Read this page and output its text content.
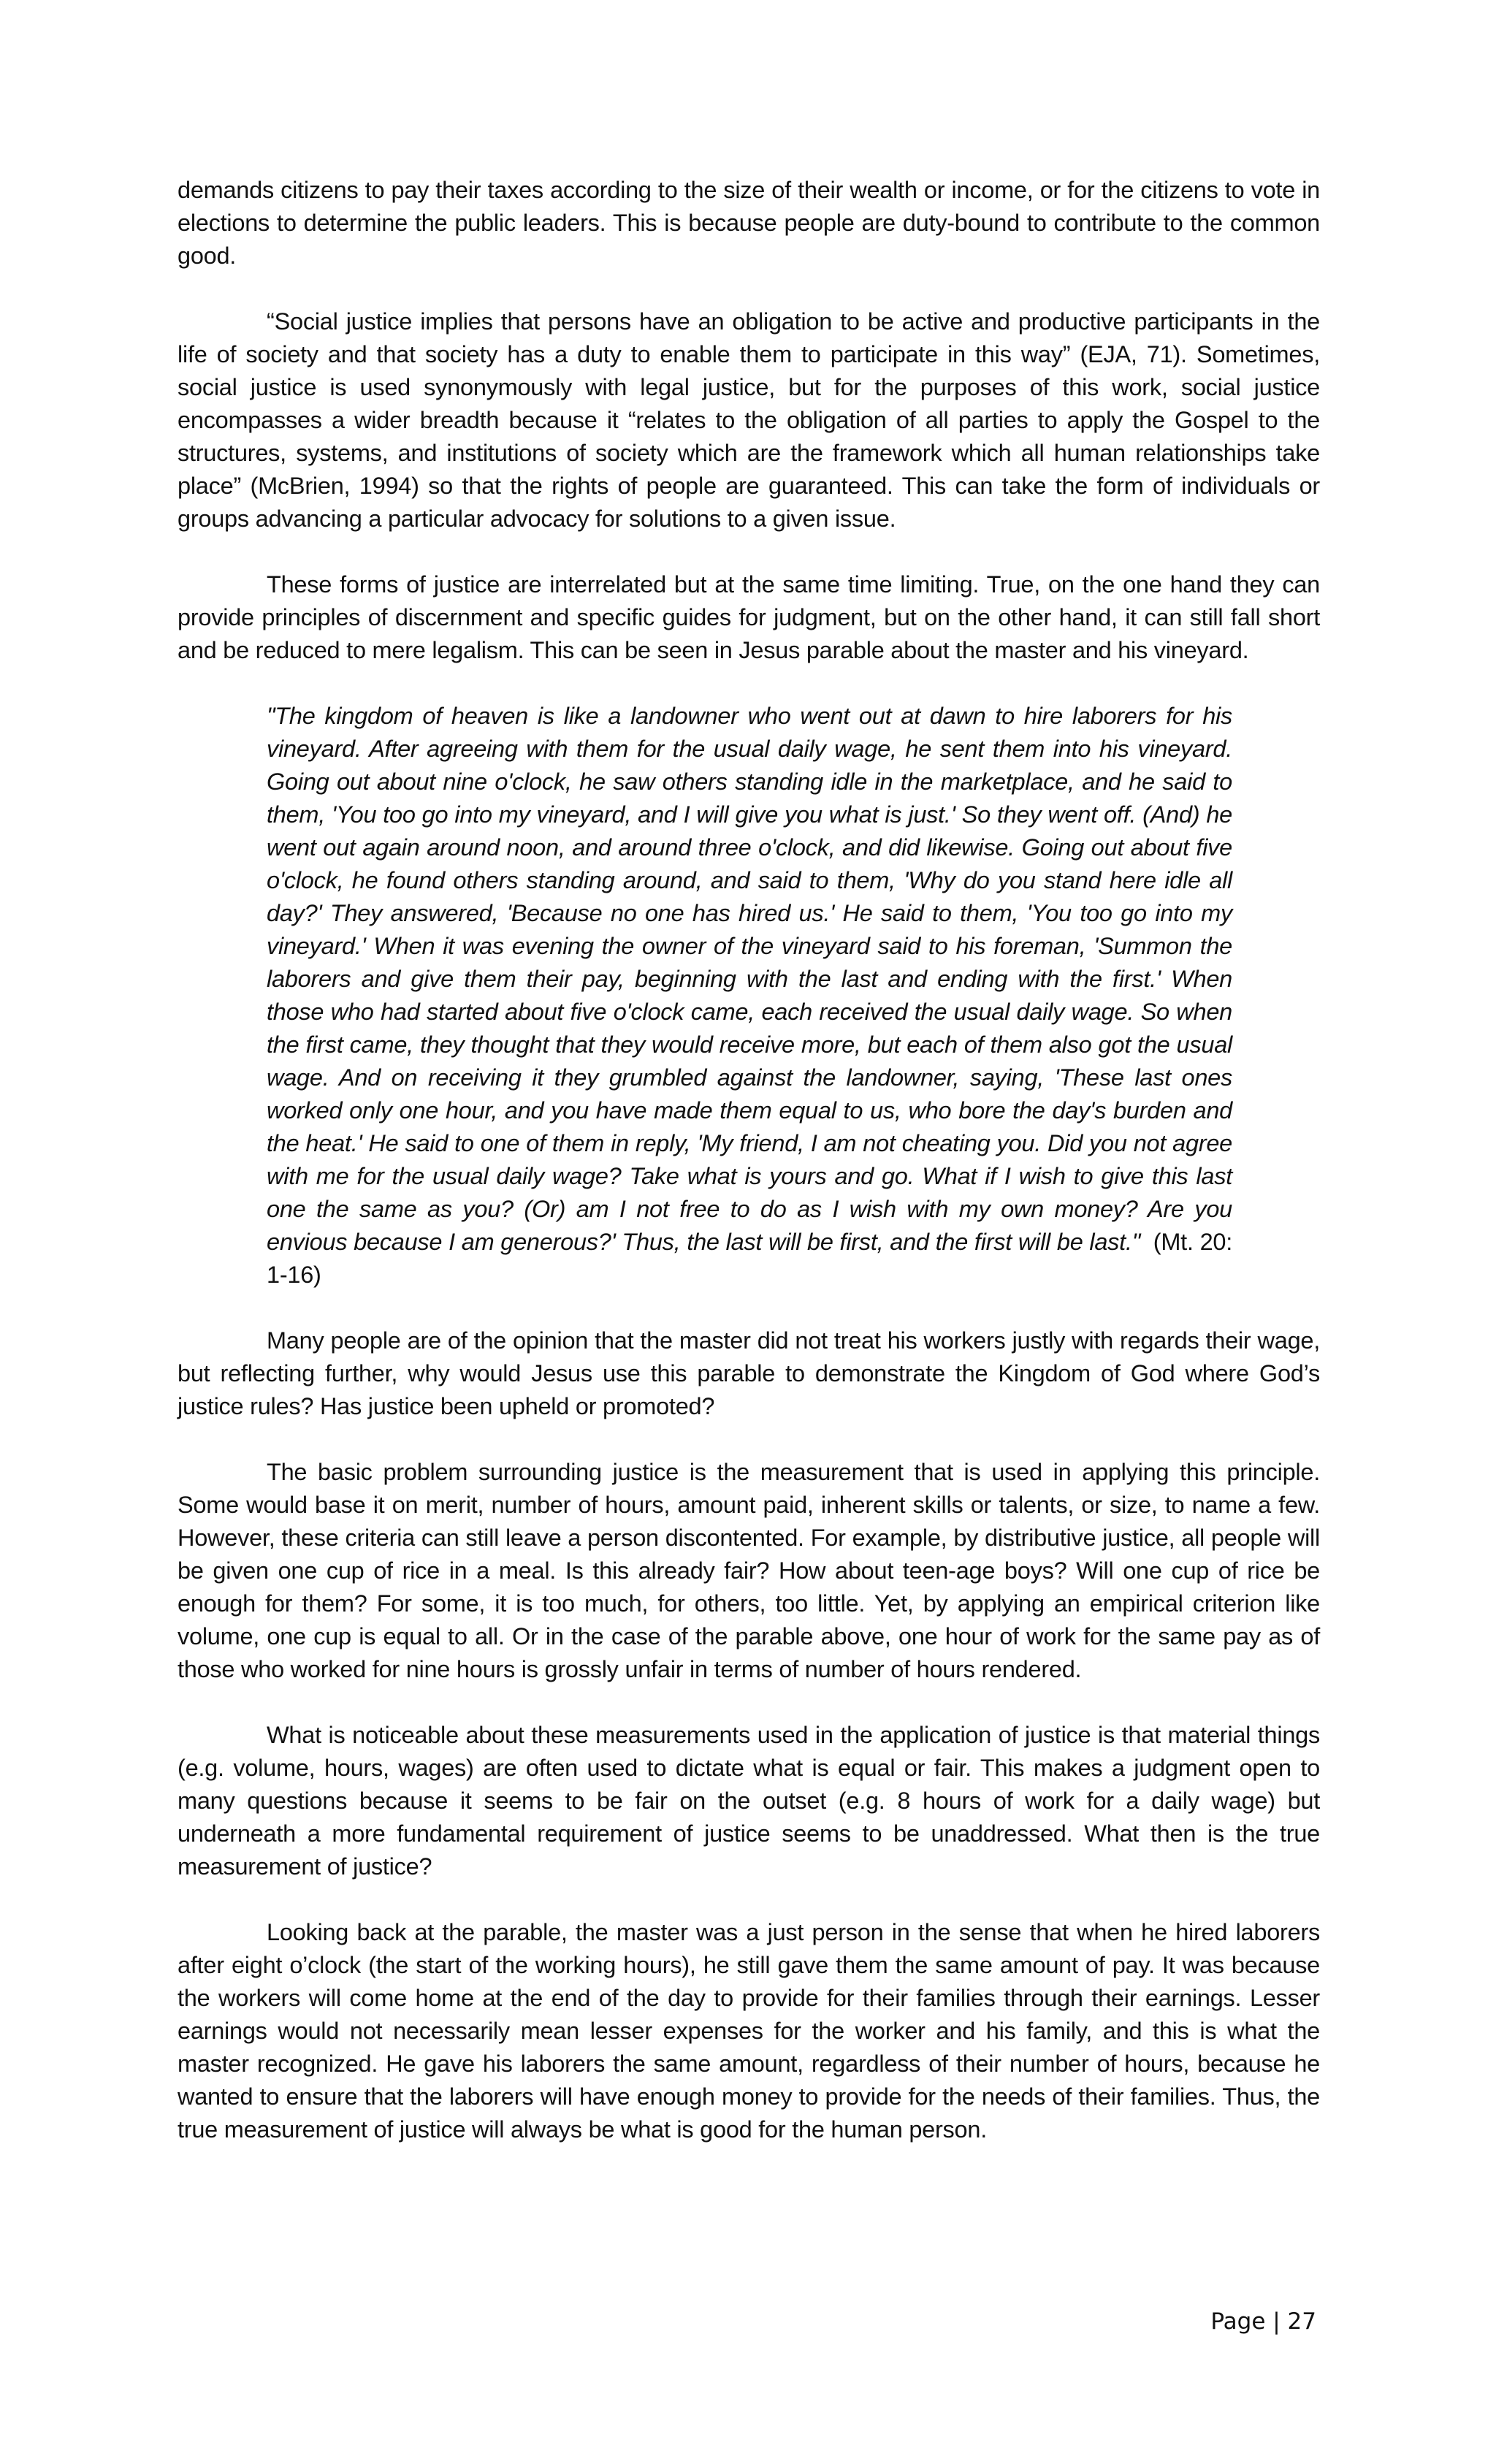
demands citizens to pay their taxes according to the size of their wealth or income, or for the citizens to vote in elections to determine the public leaders. This is because people are duty-bound to contribute to the common good.

“Social justice implies that persons have an obligation to be active and productive participants in the life of society and that society has a duty to enable them to participate in this way” (EJA, 71). Sometimes, social justice is used synonymously with legal justice, but for the purposes of this work, social justice encompasses a wider breadth because it “relates to the obligation of all parties to apply the Gospel to the structures, systems, and institutions of society which are the framework which all human relationships take place” (McBrien, 1994) so that the rights of people are guaranteed. This can take the form of individuals or groups advancing a particular advocacy for solutions to a given issue.

These forms of justice are interrelated but at the same time limiting. True, on the one hand they can provide principles of discernment and specific guides for judgment, but on the other hand, it can still fall short and be reduced to mere legalism. This can be seen in Jesus parable about the master and his vineyard.

"The kingdom of heaven is like a landowner who went out at dawn to hire laborers for his vineyard. After agreeing with them for the usual daily wage, he sent them into his vineyard. Going out about nine o'clock, he saw others standing idle in the marketplace, and he said to them, 'You too go into my vineyard, and I will give you what is just.' So they went off. (And) he went out again around noon, and around three o'clock, and did likewise. Going out about five o'clock, he found others standing around, and said to them, 'Why do you stand here idle all day?' They answered, 'Because no one has hired us.' He said to them, 'You too go into my vineyard.' When it was evening the owner of the vineyard said to his foreman, 'Summon the laborers and give them their pay, beginning with the last and ending with the first.' When those who had started about five o'clock came, each received the usual daily wage. So when the first came, they thought that they would receive more, but each of them also got the usual wage. And on receiving it they grumbled against the landowner, saying, 'These last ones worked only one hour, and you have made them equal to us, who bore the day's burden and the heat.' He said to one of them in reply, 'My friend, I am not cheating you. Did you not agree with me for the usual daily wage? Take what is yours and go. What if I wish to give this last one the same as you? (Or) am I not free to do as I wish with my own money? Are you envious because I am generous?' Thus, the last will be first, and the first will be last." (Mt. 20: 1-16)

Many people are of the opinion that the master did not treat his workers justly with regards their wage, but reflecting further, why would Jesus use this parable to demonstrate the Kingdom of God where God’s justice rules? Has justice been upheld or promoted?

The basic problem surrounding justice is the measurement that is used in applying this principle. Some would base it on merit, number of hours, amount paid, inherent skills or talents, or size, to name a few. However, these criteria can still leave a person discontented. For example, by distributive justice, all people will be given one cup of rice in a meal. Is this already fair? How about teen-age boys? Will one cup of rice be enough for them? For some, it is too much, for others, too little. Yet, by applying an empirical criterion like volume, one cup is equal to all. Or in the case of the parable above, one hour of work for the same pay as of those who worked for nine hours is grossly unfair in terms of number of hours rendered.

What is noticeable about these measurements used in the application of justice is that material things (e.g. volume, hours, wages) are often used to dictate what is equal or fair. This makes a judgment open to many questions because it seems to be fair on the outset (e.g. 8 hours of work for a daily wage) but underneath a more fundamental requirement of justice seems to be unaddressed. What then is the true measurement of justice?

Looking back at the parable, the master was a just person in the sense that when he hired laborers after eight o’clock (the start of the working hours), he still gave them the same amount of pay. It was because the workers will come home at the end of the day to provide for their families through their earnings. Lesser earnings would not necessarily mean lesser expenses for the worker and his family, and this is what the master recognized. He gave his laborers the same amount, regardless of their number of hours, because he wanted to ensure that the laborers will have enough money to provide for the needs of their families. Thus, the true measurement of justice will always be what is good for the human person.

Page | 27
